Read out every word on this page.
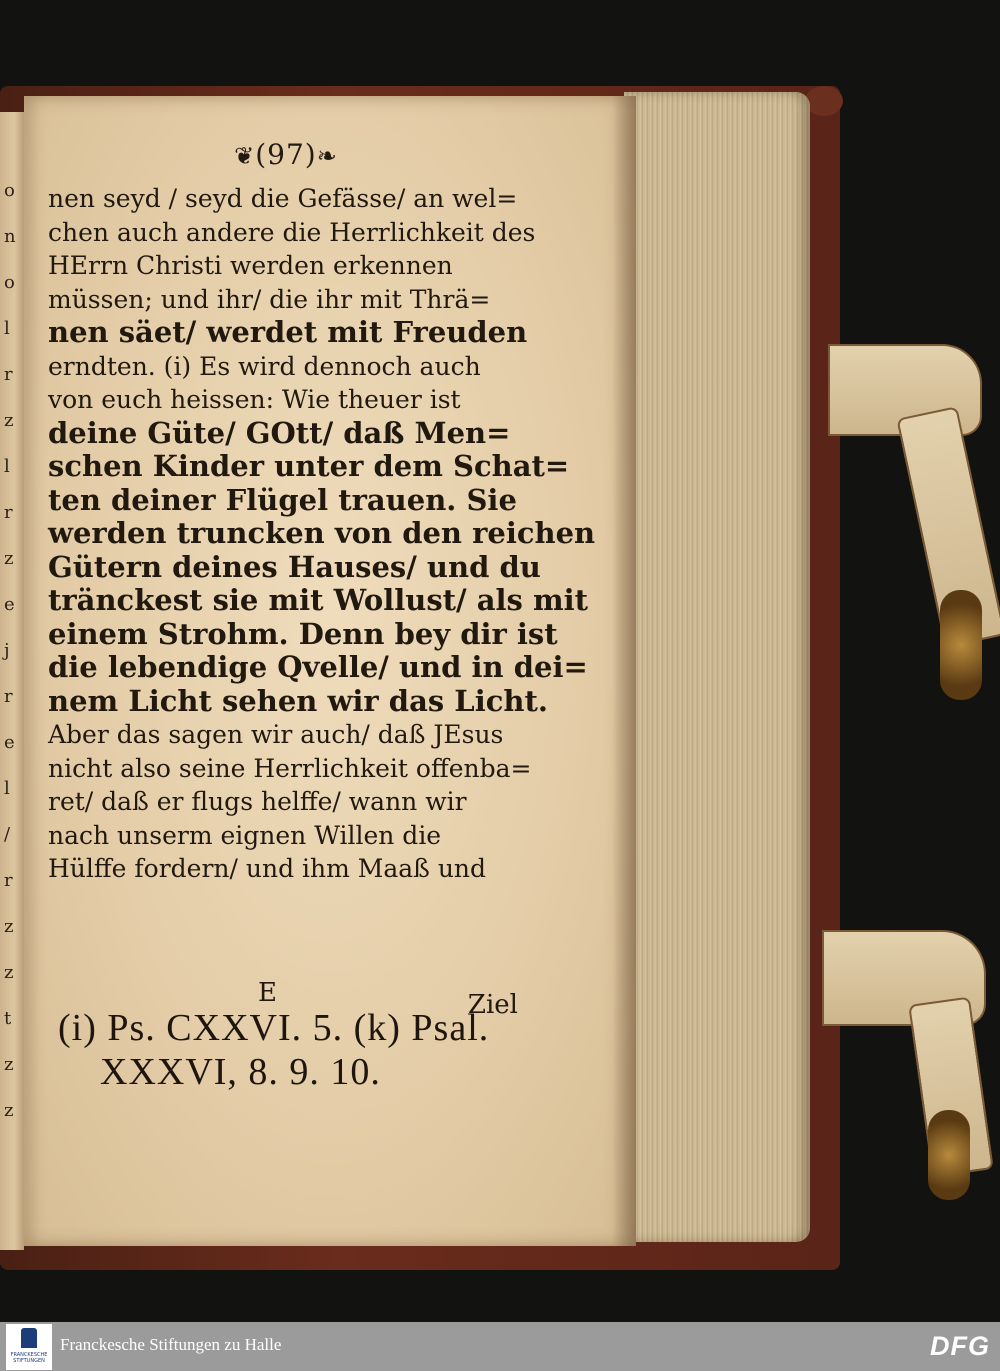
o
n
o
l
r
z
l
r
z
e
j
r
e
l
/
r
z
z
t
z
z
❦(97)❧
nen seyd / seyd die Gefässe/ an wel=
chen auch andere die Herrlichkeit des
HErrn Christi werden erkennen
müssen; und ihr/ die ihr mit Thrä=
nen säet/ werdet mit Freuden
erndten. (i) Es wird dennoch auch
von euch heissen: Wie theuer ist
deine Güte/ GOtt/ daß Men=
schen Kinder unter dem Schat=
ten deiner Flügel trauen. Sie
werden truncken von den reichen
Gütern deines Hauses/ und du
tränckest sie mit Wollust/ als mit
einem Strohm. Denn bey dir ist
die lebendige Qvelle/ und in dei=
nem Licht sehen wir das Licht.
Aber das sagen wir auch/ daß JEsus
nicht also seine Herrlichkeit offenba=
ret/ daß er flugs helffe/ wann wir
nach unserm eignen Willen die
Hülffe fordern/ und ihm Maaß und
E	Ziel
(i) Ps. CXXVI. 5. (k) Psal.
XXXVI, 8. 9. 10.
FRANCKESCHE
STIFTUNGEN
Franckesche Stiftungen zu Halle	DFG
